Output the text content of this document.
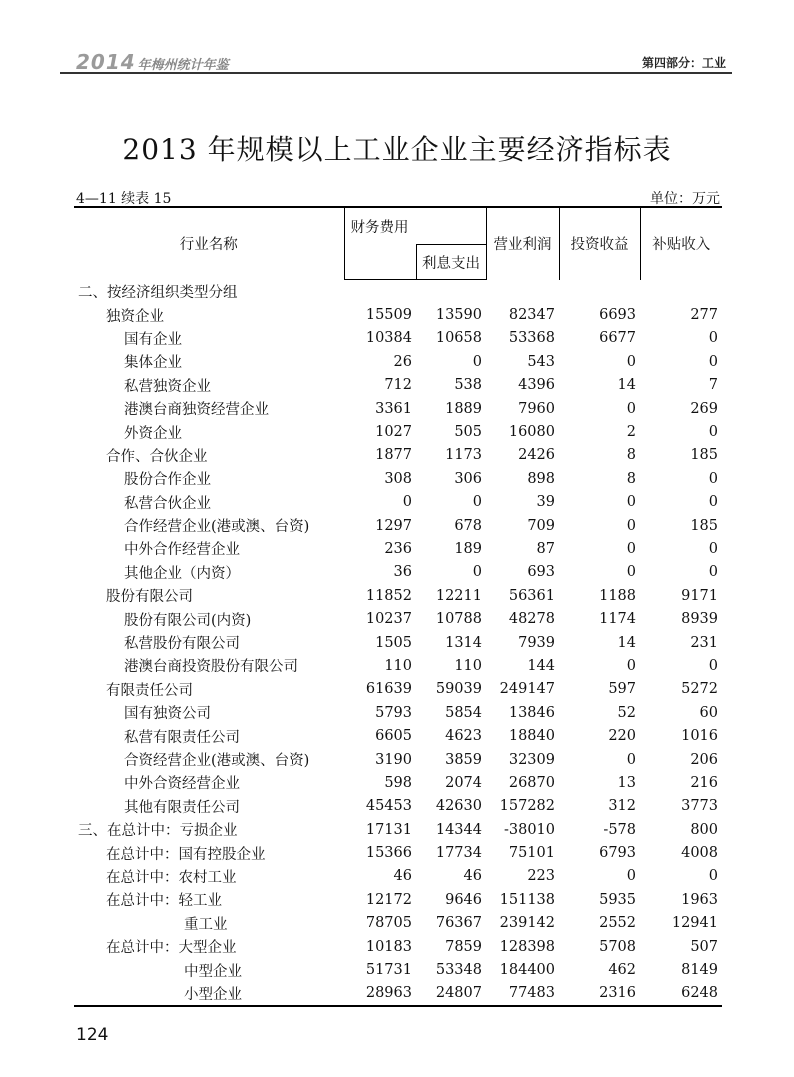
2014 年梅州统计年鉴	第四部分：工业
2013 年规模以上工业企业主要经济指标表
4—11 续表 15	单位：万元
行业名称	财务费用		营业利润	投资收益	补贴收入
		利息支出			
二、按经济组织类型分组					
独资企业	15509	13590	82347	6693	277
国有企业	10384	10658	53368	6677	0
集体企业	26	0	543	0	0
私营独资企业	712	538	4396	14	7
港澳台商独资经营企业	3361	1889	7960	0	269
外资企业	1027	505	16080	2	0
合作、合伙企业	1877	1173	2426	8	185
股份合作企业	308	306	898	8	0
私营合伙企业	0	0	39	0	0
合作经营企业(港或澳、台资)	1297	678	709	0	185
中外合作经营企业	236	189	87	0	0
其他企业（内资）	36	0	693	0	0
股份有限公司	11852	12211	56361	1188	9171
股份有限公司(内资)	10237	10788	48278	1174	8939
私营股份有限公司	1505	1314	7939	14	231
港澳台商投资股份有限公司	110	110	144	0	0
有限责任公司	61639	59039	249147	597	5272
国有独资公司	5793	5854	13846	52	60
私营有限责任公司	6605	4623	18840	220	1016
合资经营企业(港或澳、台资)	3190	3859	32309	0	206
中外合资经营企业	598	2074	26870	13	216
其他有限责任公司	45453	42630	157282	312	3773
三、在总计中：亏损企业	17131	14344	-38010	-578	800
在总计中：国有控股企业	15366	17734	75101	6793	4008
在总计中：农村工业	46	46	223	0	0
在总计中：轻工业	12172	9646	151138	5935	1963
重工业	78705	76367	239142	2552	12941
在总计中：大型企业	10183	7859	128398	5708	507
中型企业	51731	53348	184400	462	8149
小型企业	28963	24807	77483	2316	6248
124
